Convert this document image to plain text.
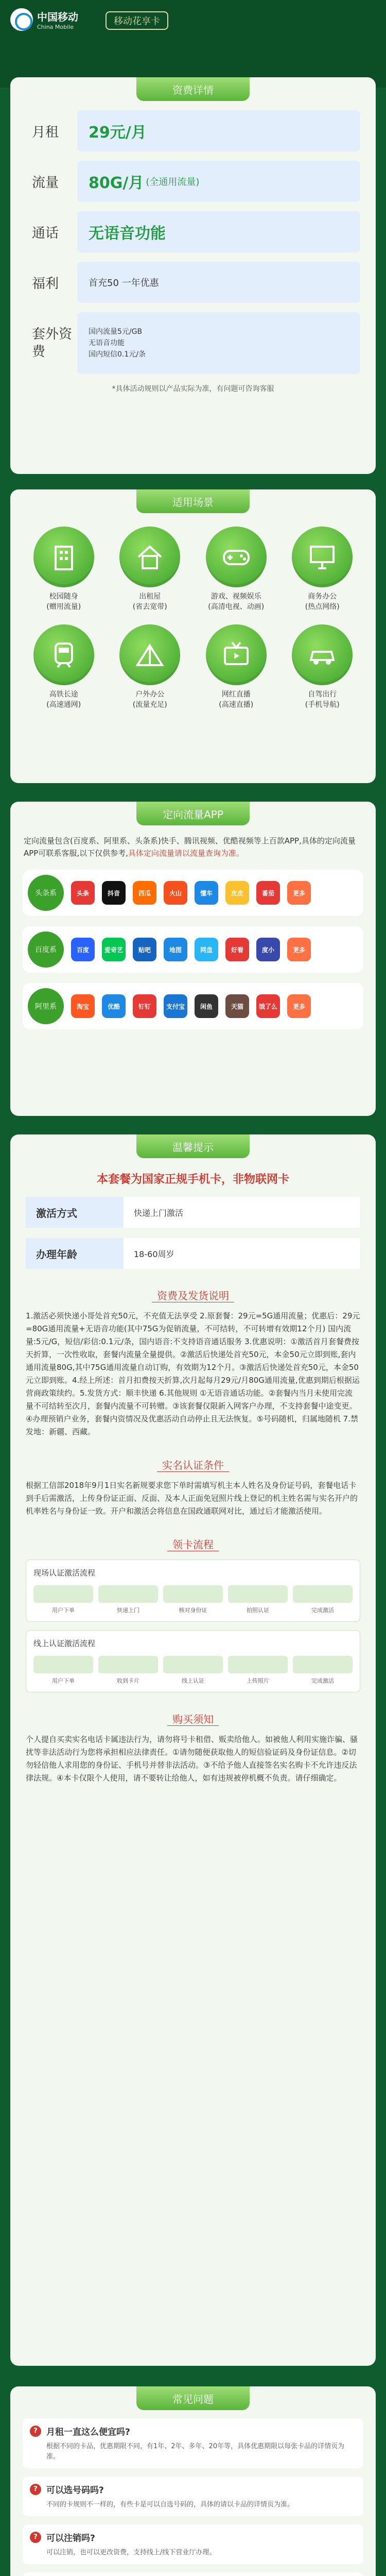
中国移动
China Mobile
移动花享卡
资费详情
月租	29元/月
流量	80G/月 (全通用流量)
通话	无语音功能
福利	首充50 一年优惠
套外资费
国内流量5元/GB
无语音功能
国内短信0.1元/条
*具体活动规则以产品实际为准，有问题可咨询客服
适用场景
校园随身
(赠用流量)
出租屋
(省去宽带)
游戏、视频娱乐
(高清电视、动画)
商务办公
(热点网络)
高铁长途
(高速通网)
户外办公
(流量充足)
网红直播
(高速直播)
自驾出行
(手机导航)
定向流量APP
定向流量包含(百度系、阿里系、头条系)快手、腾讯视频、优酷视频等上百款APP,具体的定向流量APP可联系客服,以下仅供参考,具体定向流量请以流量查询为准。
头条系	头条	抖音	西瓜	火山	懂车	皮皮	番茄	更多
百度系	百度	爱奇艺	贴吧	地图	网盘	好看	度小	更多
阿里系	淘宝	优酷	钉钉	支付宝	闲鱼	天猫	饿了么	更多
温馨提示
本套餐为国家正规手机卡，非物联网卡
激活方式	快递上门激活
办理年龄	18-60周岁
资费及发货说明
1.激活必须快递小哥处首充50元，不充值无法享受 2.原套餐：29元=5G通用流量；优惠后：29元=80G通用流量+无语音功能(其中75G为促销流量，不可结转，不可转增有效期12个月) 国内流量:5元/G，短信/彩信:0.1元/条，国内语音:不支持语音通话服务 3.优惠说明：①激活首月套餐费按天折算，一次性收取，套餐内流量全量提供。②激活后快递处首充50元，本金50元立即到账,套内通用流量80G,其中75G通用流量自动订购，有效期为12个月。③激活后快递处首充50元，本金50元立即到账。4.经上所述：首月扣费按天折算,次月起每月29元/月80G通用流量,优惠到期后根据运营商政策续约。5.发货方式：顺丰快递 6.其他规则 ①无语音通话功能。②套餐内当月未使用完流量不可结转至次月，套餐内流量不可转赠。③该套餐仅限新入网客户办理，不支持套餐中途变更。④办理预销户业务，套餐内资情况及优惠活动自动停止且无法恢复。⑤号码随机，归属地随机 7.禁发地：新疆、西藏。
实名认证条件
根据工信部2018年9月1日实名新规要求您下单时需填写机主本人姓名及身份证号码，套餐电话卡到手后需激活，上传身份证正面、反面、及本人正面免冠照片线上登记的机主姓名需与实名开户的机率姓名与身份证一致。开户和激活会将信息在国政通联网对比，通过后才能激活使用。
领卡流程
现场认证激活流程
用户下单	快递上门	核对身份证	拍照认证	完成激活
线上认证激活流程
用户下单	收到卡片	线上认证	上传照片	完成激活
购买须知
个人提自买卖实名电话卡属违法行为，请勿将号卡租借、贩卖给他人。如被他人利用实施诈骗、骚扰等非法活动行为您将承担相应法律责任。①请勿随便获取他人的短信验证码及身份证信息。②切勿轻信他人求用您的身份证、手机号并替非法活动。③不给予他人直接签名实名购卡不允许违反法律法规。④本卡仅限个人使用，请不要转让给他人，如有违规被停机概不负责。请仔细确定。
常见问题
?	月租一直这么便宜吗?
根据不同的卡品，优惠期限不同，有1年、2年、多年、20年等，具体优惠期限以每张卡品的详情页为准。
?	可以选号码吗?
不同的卡规则不一样的，有些卡是可以自选号码的，具体的请以卡品的详情页为准。
?	可以注销吗?
可以注销，也可以更改资费，支持线上/线下营业厅办理。
